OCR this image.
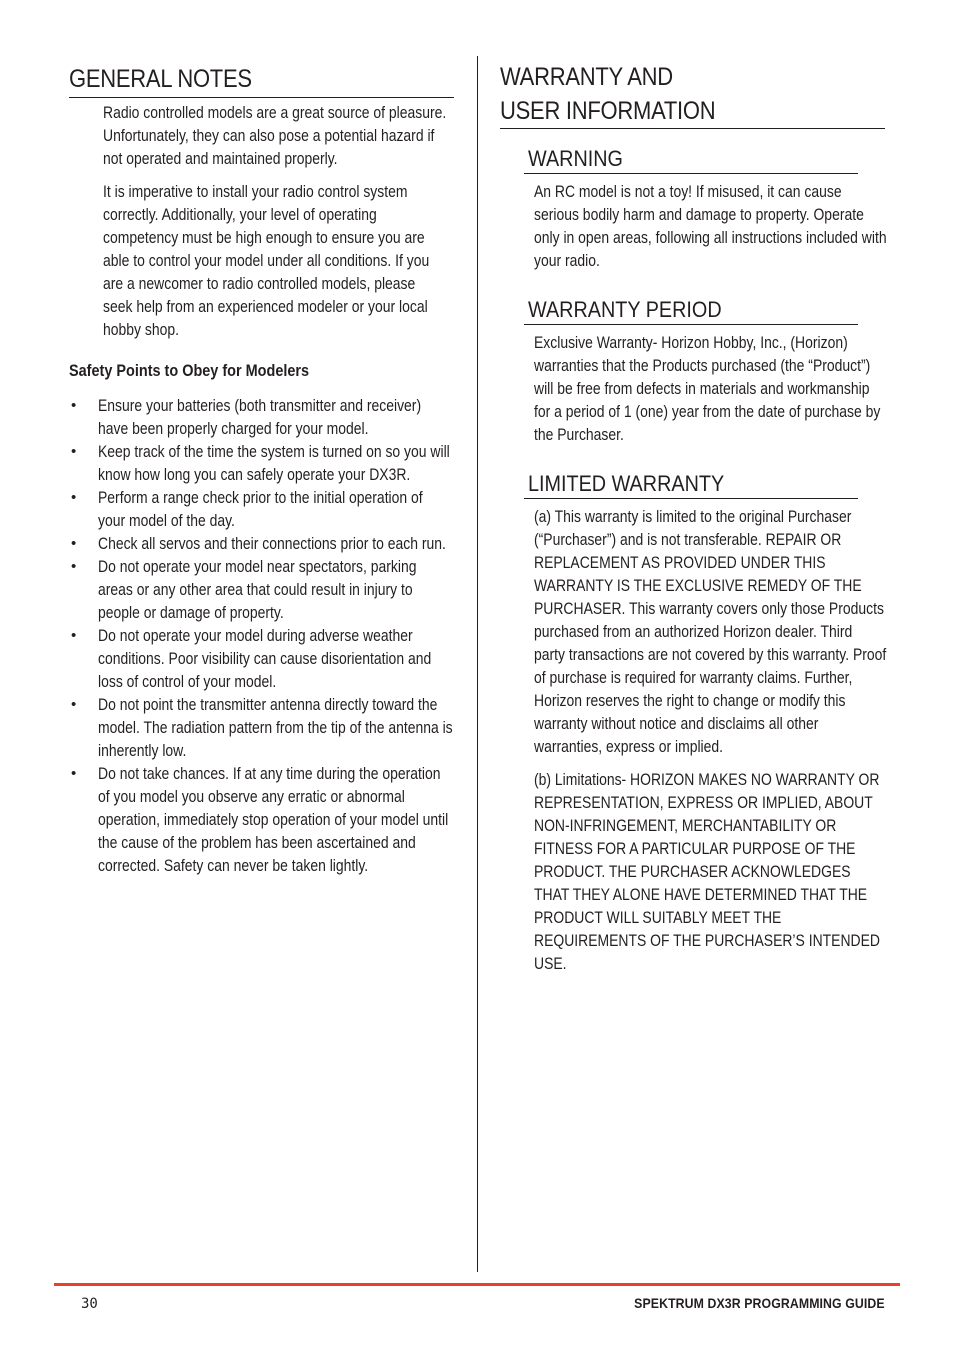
GENERAL NOTES
Radio controlled models are a great source of pleasure. Unfortunately, they can also pose a potential hazard if not operated and maintained properly.
It is imperative to install your radio control system correctly. Additionally, your level of operating competency must be high enough to ensure you are able to control your model under all conditions. If you are a newcomer to radio controlled models, please seek help from an experienced modeler or your local hobby shop.
Safety Points to Obey for Modelers
• Ensure your batteries (both transmitter and receiver) have been properly charged for your model.
• Keep track of the time the system is turned on so you will know how long you can safely operate your DX3R.
• Perform a range check prior to the initial operation of your model of the day.
• Check all servos and their connections prior to each run.
• Do not operate your model near spectators, parking areas or any other area that could result in injury to people or damage of property.
• Do not operate your model during adverse weather conditions. Poor visibility can cause disorientation and loss of control of your model.
• Do not point the transmitter antenna directly toward the model. The radiation pattern from the tip of the antenna is inherently low.
• Do not take chances. If at any time during the operation of you model you observe any erratic or abnormal operation, immediately stop operation of your model until the cause of the problem has been ascertained and corrected. Safety can never be taken lightly.
WARRANTY AND
USER INFORMATION
WARNING
An RC model is not a toy! If misused, it can cause serious bodily harm and damage to property. Operate only in open areas, following all instructions included with your radio.
WARRANTY PERIOD
Exclusive Warranty- Horizon Hobby, Inc., (Horizon) warranties that the Products purchased (the “Product”) will be free from defects in materials and workmanship for a period of 1 (one) year from the date of purchase by the Purchaser.
LIMITED WARRANTY
(a) This warranty is limited to the original Purchaser (“Purchaser”) and is not transferable. REPAIR OR REPLACEMENT AS PROVIDED UNDER THIS WARRANTY IS THE EXCLUSIVE REMEDY OF THE PURCHASER. This warranty covers only those Products purchased from an authorized Horizon dealer. Third party transactions are not covered by this warranty. Proof of purchase is required for warranty claims. Further, Horizon reserves the right to change or modify this warranty without notice and disclaims all other warranties, express or implied.
(b) Limitations- HORIZON MAKES NO WARRANTY OR REPRESENTATION, EXPRESS OR IMPLIED, ABOUT NON-INFRINGEMENT, MERCHANTABILITY OR FITNESS FOR A PARTICULAR PURPOSE OF THE PRODUCT. THE PURCHASER ACKNOWLEDGES THAT THEY ALONE HAVE DETERMINED THAT THE PRODUCT WILL SUITABLY MEET THE REQUIREMENTS OF THE PURCHASER’S INTENDED USE.
30	SPEKTRUM DX3R PROGRAMMING GUIDE
